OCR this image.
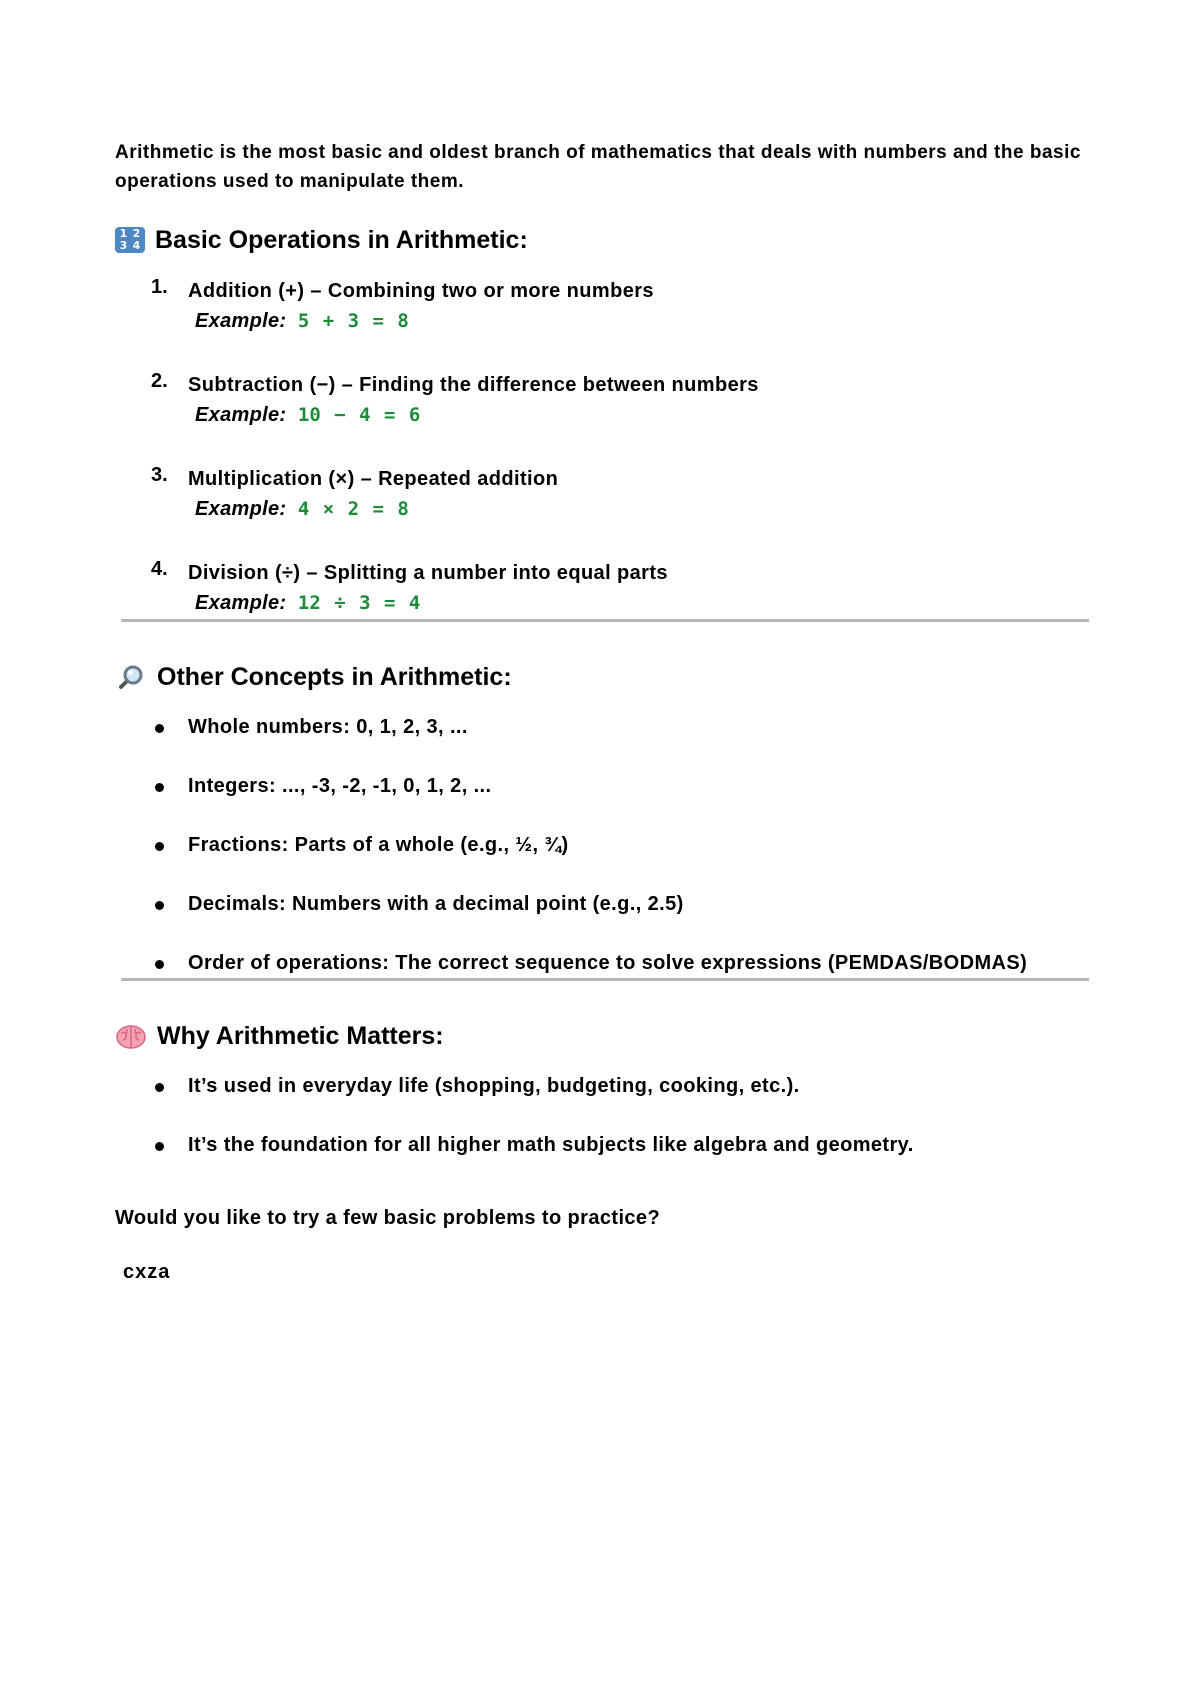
Arithmetic is the most basic and oldest branch of mathematics that deals with numbers and the basic operations used to manipulate them.

1 2
3 4 Basic Operations in Arithmetic:
1. Addition (+) – Combining two or more numbers
Example: 5 + 3 = 8
2. Subtraction (−) – Finding the difference between numbers
Example: 10 − 4 = 6
3. Multiplication (×) – Repeated addition
Example: 4 × 2 = 8
4. Division (÷) – Splitting a number into equal parts
Example: 12 ÷ 3 = 4
Other Concepts in Arithmetic:
Whole numbers: 0, 1, 2, 3, ...
Integers: ..., -3, -2, -1, 0, 1, 2, ...
Fractions: Parts of a whole (e.g., ½, ¾)
Decimals: Numbers with a decimal point (e.g., 2.5)
Order of operations: The correct sequence to solve expressions (PEMDAS/BODMAS)
Why Arithmetic Matters:
It’s used in everyday life (shopping, budgeting, cooking, etc.).
It’s the foundation for all higher math subjects like algebra and geometry.

Would you like to try a few basic problems to practice?

cxza
